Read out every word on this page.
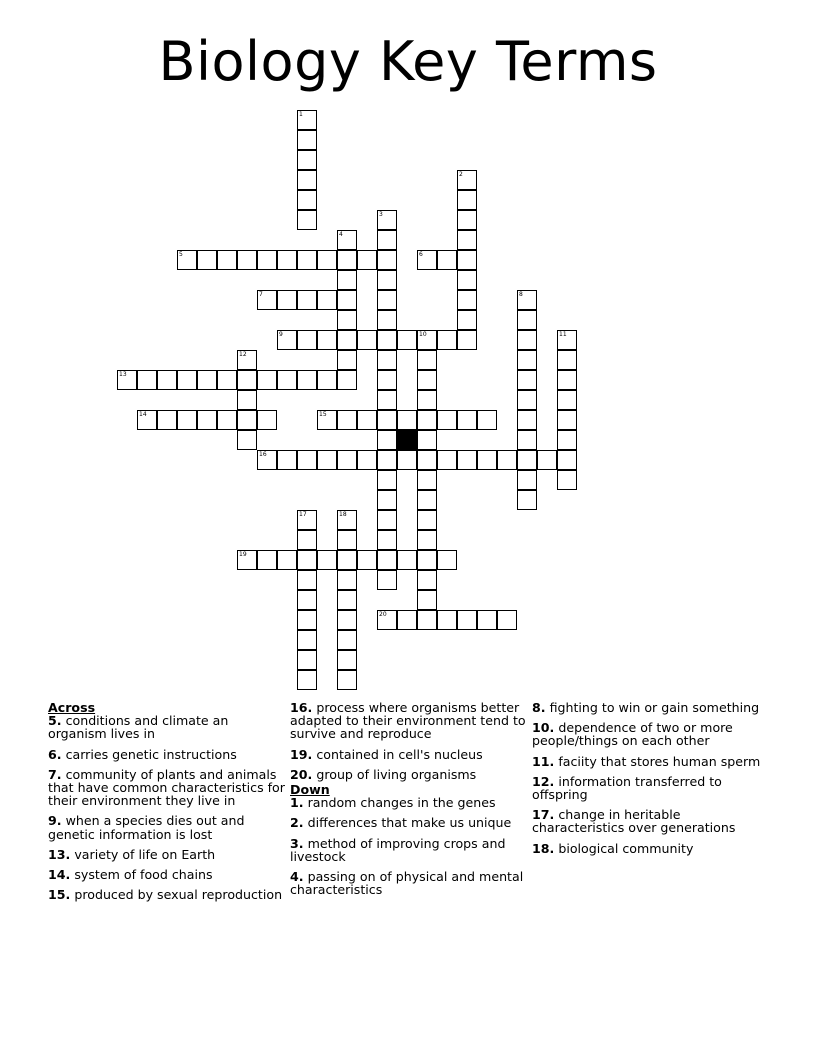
Biology Key Terms
1
2
3
4
5	6
7	8
9	10	11
12
13
14	15
16
17	18
19
20
Across
5. conditions and climate an organism lives in
6. carries genetic instructions
7. community of plants and animals that have common characteristics for their environment they live in
9. when a species dies out and genetic information is lost
13. variety of life on Earth
14. system of food chains
15. produced by sexual reproduction
16. process where organisms better adapted to their environment tend to survive and reproduce
19. contained in cell's nucleus
20. group of living organisms
Down
1. random changes in the genes
2. differences that make us unique
3. method of improving crops and livestock
4. passing on of physical and mental characteristics
8. fighting to win or gain something
10. dependence of two or more people/things on each other
11. faciity that stores human sperm
12. information transferred to offspring
17. change in heritable characteristics over generations
18. biological community
